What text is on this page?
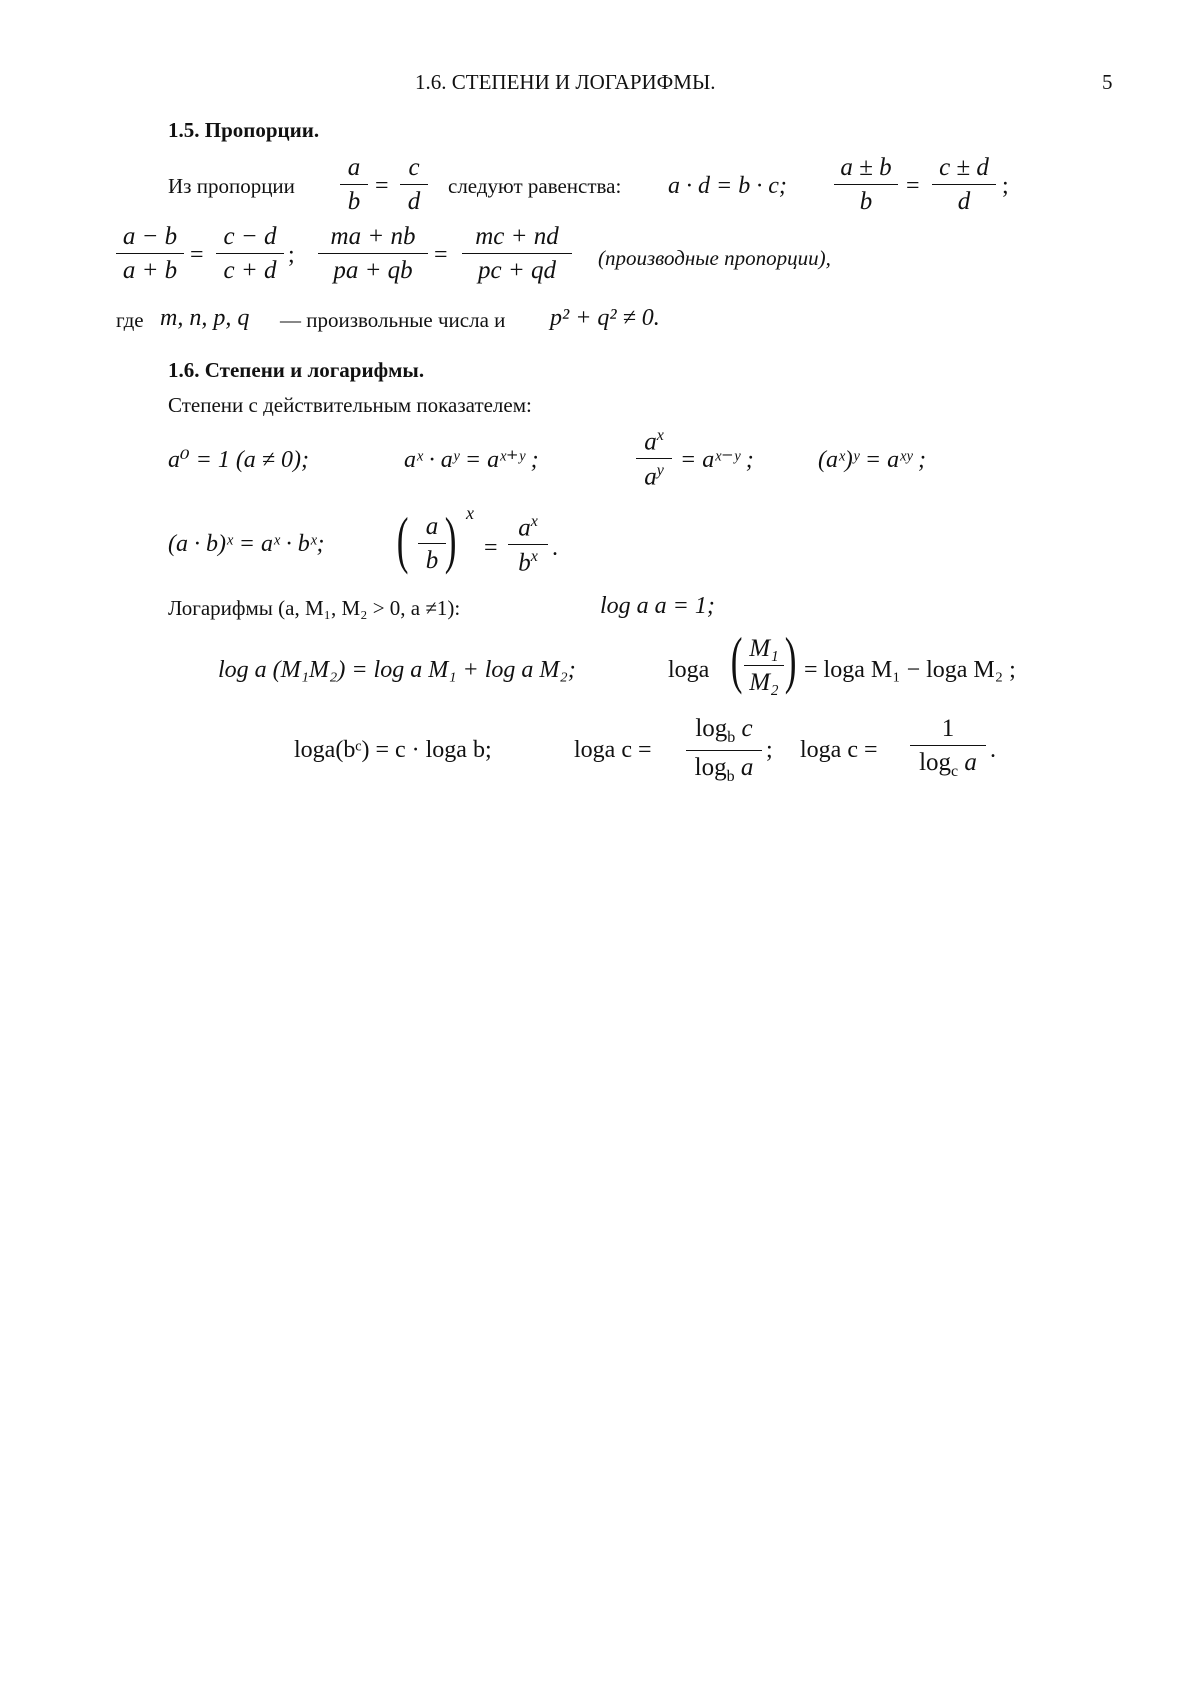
1.6. СТЕПЕНИ И ЛОГАРИФМЫ.	5
1.5. Пропорции.
Из пропорции
a
b
=
c
d
следуют равенства: a · d = b · c;
a ± b
b
=
c ± d
d
;
a − b
a + b
=
c − d
c + d
;
ma + nb
pa + qb
=
mc + nd
pc + qd	(производные пропорции),
где m, n, p, q — произвольные числа и p² + q² ≠ 0.
1.6. Степени и логарифмы.
Степени с действительным показателем:
a⁰ = 1 (a ≠ 0);	aˣ · aʸ = aˣ⁺ʸ ;
$a^x$
$a^y$ = aˣ⁻ʸ ;	(aˣ)ʸ = aˣʸ ;
(a · b)ˣ = aˣ · bˣ; ( a
b ) x
=
$a^x$
$b^x$ .
Логарифмы (a, M₁, M₂ > 0, a ≠1):	log a a = 1;
log a (M₁M₂) = log a M₁ + log a M₂;	loga ( M₁
M₂ ) = loga M₁ − loga M₂ ;
loga(bᶜ) = c · loga b;	loga c =
$\log_b c$
$\log_b a$
; loga c =
1
$\log_c a$ .
